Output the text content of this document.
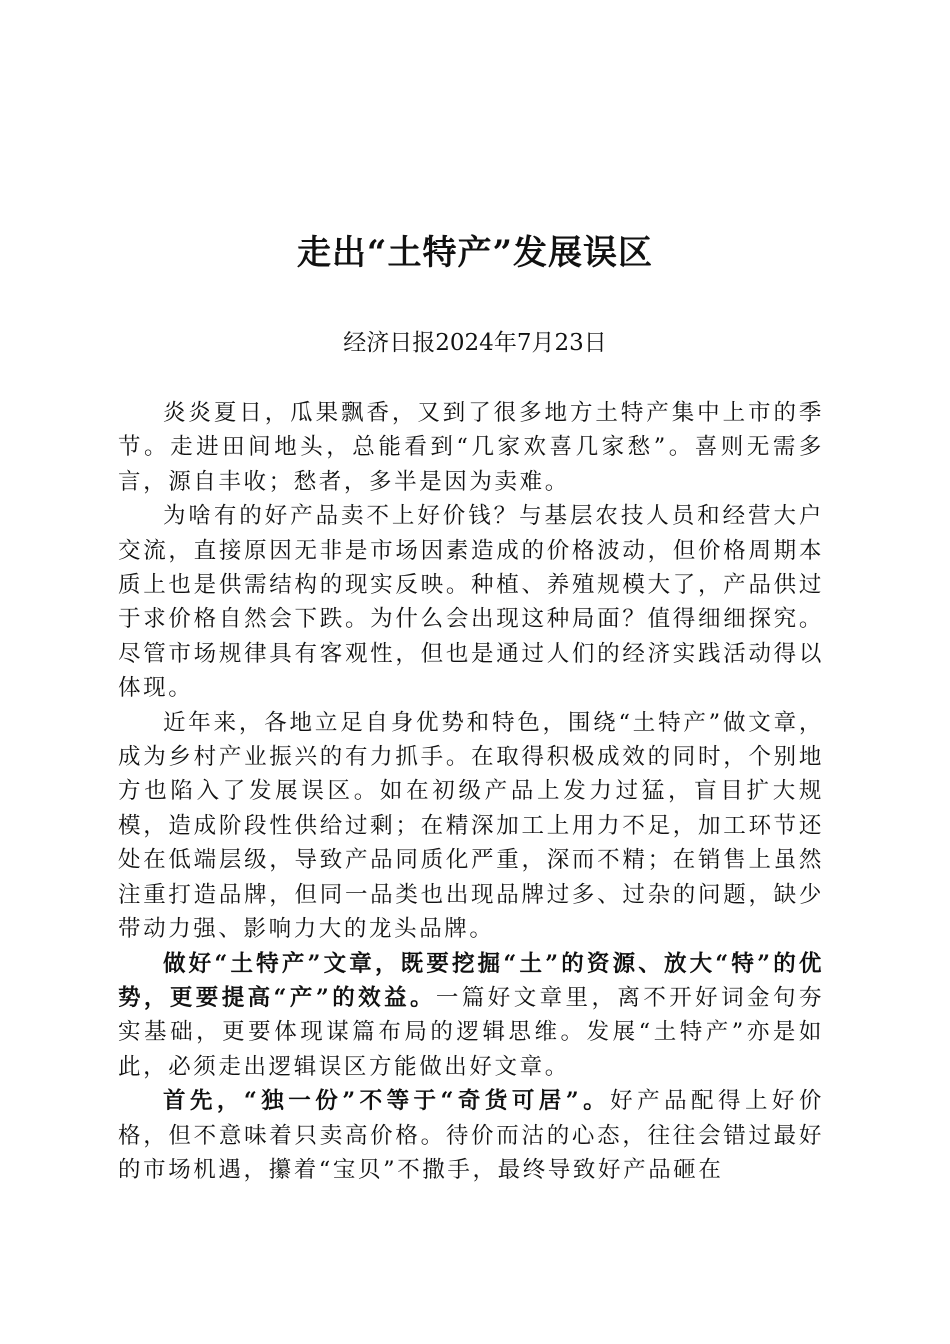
走出“土特产”发展误区

经济日报2024年7月23日

炎炎夏日，瓜果飘香，又到了很多地方土特产集中上市的季节。走进田间地头，总能看到“几家欢喜几家愁”。喜则无需多言，源自丰收；愁者，多半是因为卖难。

为啥有的好产品卖不上好价钱？与基层农技人员和经营大户交流，直接原因无非是市场因素造成的价格波动，但价格周期本质上也是供需结构的现实反映。种植、养殖规模大了，产品供过于求价格自然会下跌。为什么会出现这种局面？值得细细探究。尽管市场规律具有客观性，但也是通过人们的经济实践活动得以体现。

近年来，各地立足自身优势和特色，围绕“土特产”做文章，成为乡村产业振兴的有力抓手。在取得积极成效的同时，个别地方也陷入了发展误区。如在初级产品上发力过猛，盲目扩大规模，造成阶段性供给过剩；在精深加工上用力不足，加工环节还处在低端层级，导致产品同质化严重，深而不精；在销售上虽然注重打造品牌，但同一品类也出现品牌过多、过杂的问题，缺少带动力强、影响力大的龙头品牌。

做好“土特产”文章，既要挖掘“土”的资源、放大“特”的优势，更要提高“产”的效益。一篇好文章里，离不开好词金句夯实基础，更要体现谋篇布局的逻辑思维。发展“土特产”亦是如此，必须走出逻辑误区方能做出好文章。

首先，“独一份”不等于“奇货可居”。好产品配得上好价格，但不意味着只卖高价格。待价而沽的心态，往往会错过最好的市场机遇，攥着“宝贝”不撒手，最终导致好产品砸在
